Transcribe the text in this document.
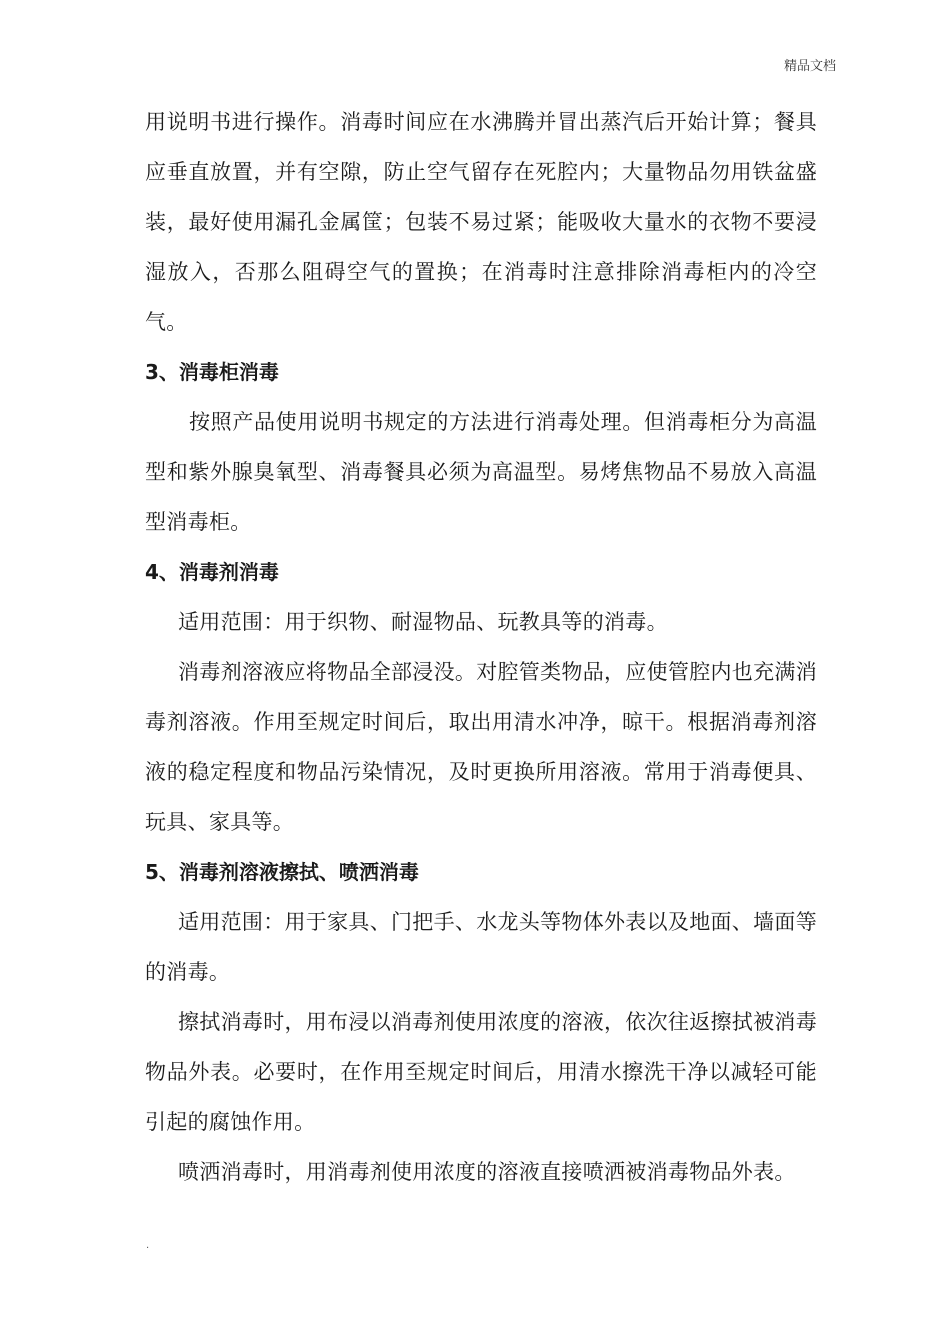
精品文档

用说明书进行操作。消毒时间应在水沸腾并冒出蒸汽后开始计算；餐具应垂直放置，并有空隙，防止空气留存在死腔内；大量物品勿用铁盆盛装，最好使用漏孔金属筐；包装不易过紧；能吸收大量水的衣物不要浸湿放入，否那么阻碍空气的置换；在消毒时注意排除消毒柜内的冷空气。

3、消毒柜消毒

按照产品使用说明书规定的方法进行消毒处理。但消毒柜分为高温型和紫外腺臭氧型、消毒餐具必须为高温型。易烤焦物品不易放入高温型消毒柜。

4、消毒剂消毒

适用范围：用于织物、耐湿物品、玩教具等的消毒。

消毒剂溶液应将物品全部浸没。对腔管类物品，应使管腔内也充满消毒剂溶液。作用至规定时间后，取出用清水冲净，晾干。根据消毒剂溶液的稳定程度和物品污染情况，及时更换所用溶液。常用于消毒便具、玩具、家具等。

5、消毒剂溶液擦拭、喷洒消毒

适用范围：用于家具、门把手、水龙头等物体外表以及地面、墙面等的消毒。

擦拭消毒时，用布浸以消毒剂使用浓度的溶液，依次往返擦拭被消毒物品外表。必要时，在作用至规定时间后，用清水擦洗干净以减轻可能引起的腐蚀作用。

喷洒消毒时，用消毒剂使用浓度的溶液直接喷洒被消毒物品外表。

.
